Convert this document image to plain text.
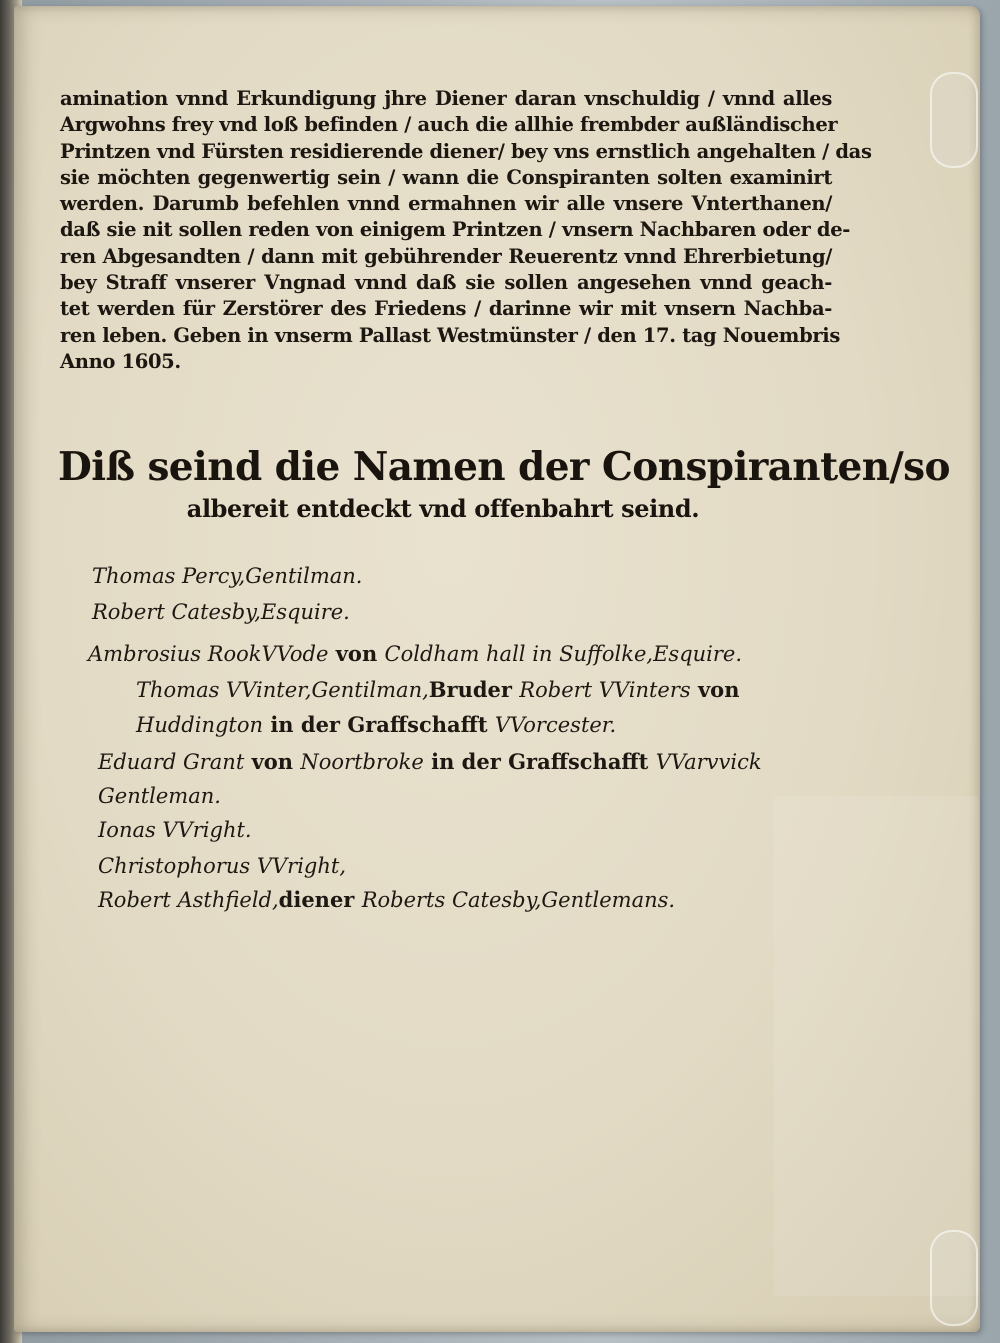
amination vnnd Erkundigung jhre Diener daran vnschuldig / vnnd alles
Argwohns frey vnd loß befinden / auch die allhie frembder außländischer
Printzen vnd Fürsten residierende diener/ bey vns ernstlich angehalten / das
sie möchten gegenwertig sein / wann die Conspiranten solten examinirt
werden. Darumb befehlen vnnd ermahnen wir alle vnsere Vnterthanen/
daß sie nit sollen reden von einigem Printzen / vnsern Nachbaren oder de-
ren Abgesandten / dann mit gebührender Reuerentz vnnd Ehrerbietung/
bey Straff vnserer Vngnad vnnd daß sie sollen angesehen vnnd geach-
tet werden für Zerstörer des Friedens / darinne wir mit vnsern Nachba-
ren leben. Geben in vnserm Pallast Westmünster / den 17. tag Nouembris
Anno 1605.
Diß seind die Namen der Conspiranten/so
albereit entdeckt vnd offenbahrt seind.
Thomas Percy,Gentilman.
Robert Catesby,Esquire.
Ambrosius RookVVode von Coldham hall in Suffolke,Esquire.
Thomas VVinter,Gentilman,Bruder Robert VVinters von
Huddington in der Graffschafft VVorcester.
Eduard Grant von Noortbroke in der Graffschafft VVarvvick
Gentleman.
Ionas VVright.
Christophorus VVright,
Robert Asthfield,diener Roberts Catesby,Gentlemans.
